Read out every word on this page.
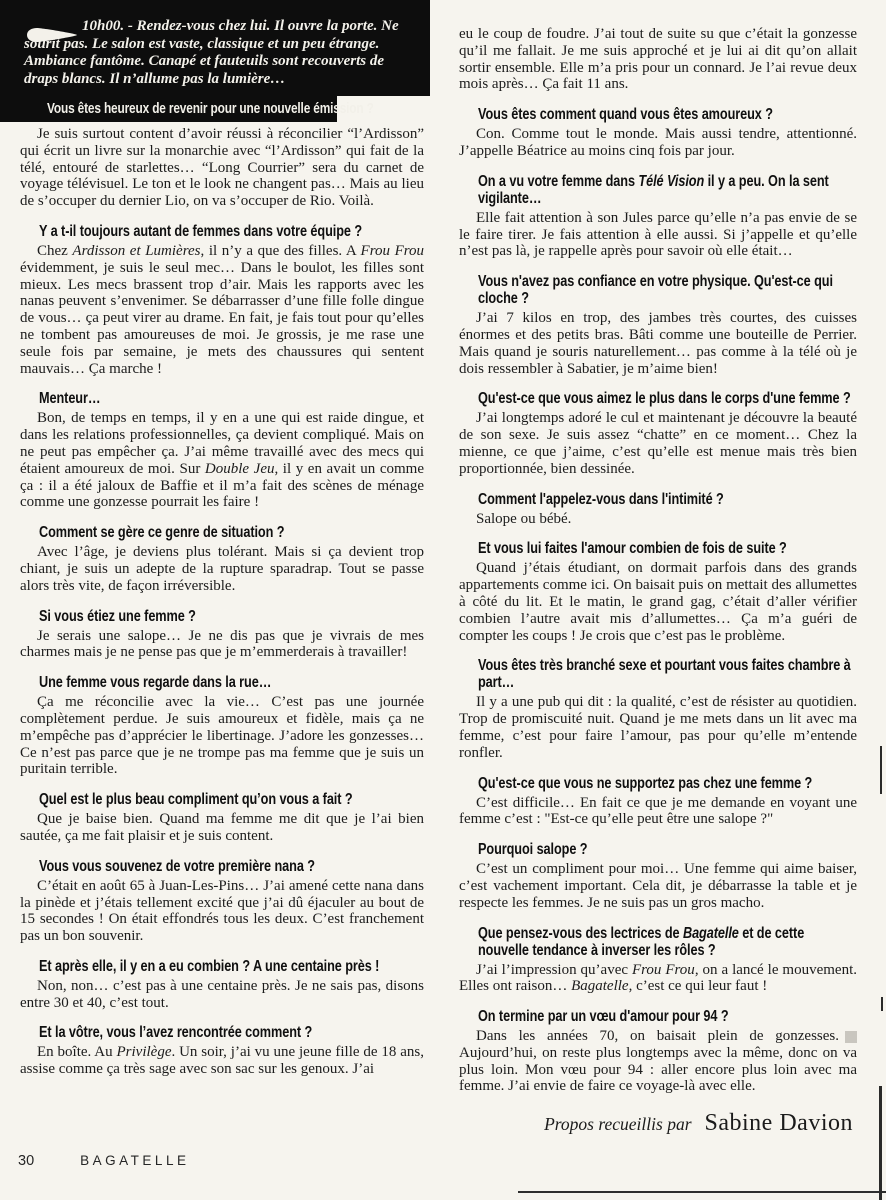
10h00. - Rendez-vous chez lui. Il ouvre la porte. Ne sourit pas. Le salon est vaste, classique et un peu étrange. Ambiance fantôme. Canapé et fauteuils sont recouverts de draps blancs. Il n’allume pas la lumière…

Vous êtes heureux de revenir pour une nouvelle émission ?

Je suis surtout content d’avoir réussi à réconcilier “l’Ardisson” qui écrit un livre sur la monarchie avec “l’Ardisson” qui fait de la télé, entouré de starlettes… “Long Courrier” sera du carnet de voyage télévisuel. Le ton et le look ne changent pas… Mais au lieu de s’occuper du dernier Lio, on va s’occuper de Rio. Voilà.

Y a t-il toujours autant de femmes dans votre équipe ?

Chez Ardisson et Lumières, il n’y a que des filles. A Frou Frou évidemment, je suis le seul mec… Dans le boulot, les filles sont mieux. Les mecs brassent trop d’air. Mais les rapports avec les nanas peuvent s’envenimer. Se débarrasser d’une fille folle dingue de vous… ça peut virer au drame. En fait, je fais tout pour qu’elles ne tombent pas amoureuses de moi. Je grossis, je me rase une seule fois par semaine, je mets des chaussures qui sentent mauvais… Ça marche !

Menteur…

Bon, de temps en temps, il y en a une qui est raide dingue, et dans les relations professionnelles, ça devient compliqué. Mais on ne peut pas empêcher ça. J’ai même travaillé avec des mecs qui étaient amoureux de moi. Sur Double Jeu, il y en avait un comme ça : il a été jaloux de Baffie et il m’a fait des scènes de ménage comme une gonzesse pourrait les faire !

Comment se gère ce genre de situation ?

Avec l’âge, je deviens plus tolérant. Mais si ça devient trop chiant, je suis un adepte de la rupture sparadrap. Tout se passe alors très vite, de façon irréversible.

Si vous étiez une femme ?

Je serais une salope… Je ne dis pas que je vivrais de mes charmes mais je ne pense pas que je m’emmerderais à travailler!

Une femme vous regarde dans la rue…

Ça me réconcilie avec la vie… C’est pas une journée complètement perdue. Je suis amoureux et fidèle, mais ça ne m’empêche pas d’apprécier le libertinage. J’adore les gonzesses… Ce n’est pas parce que je ne trompe pas ma femme que je suis un puritain terrible.

Quel est le plus beau compliment qu’on vous a fait ?

Que je baise bien. Quand ma femme me dit que je l’ai bien sautée, ça me fait plaisir et je suis content.

Vous vous souvenez de votre première nana ?

C’était en août 65 à Juan-Les-Pins… J’ai amené cette nana dans la pinède et j’étais tellement excité que j’ai dû éjaculer au bout de 15 secondes ! On était effondrés tous les deux. C’est franchement pas un bon souvenir.

Et après elle, il y en a eu combien ? A une centaine près !

Non, non… c’est pas à une centaine près. Je ne sais pas, disons entre 30 et 40, c’est tout.

Et la vôtre, vous l’avez rencontrée comment ?

En boîte. Au Privilège. Un soir, j’ai vu une jeune fille de 18 ans, assise comme ça très sage avec son sac sur les genoux. J’ai

eu le coup de foudre. J’ai tout de suite su que c’était la gonzesse qu’il me fallait. Je me suis approché et je lui ai dit qu’on allait sortir ensemble. Elle m’a pris pour un connard. Je l’ai revue deux mois après… Ça fait 11 ans.

Vous êtes comment quand vous êtes amoureux ?

Con. Comme tout le monde. Mais aussi tendre, attentionné. J’appelle Béatrice au moins cinq fois par jour.

On a vu votre femme dans Télé Vision il y a peu. On la sent vigilante…

Elle fait attention à son Jules parce qu’elle n’a pas envie de se le faire tirer. Je fais attention à elle aussi. Si j’appelle et qu’elle n’est pas là, je rappelle après pour savoir où elle était…

Vous n'avez pas confiance en votre physique. Qu'est-ce qui cloche ?

J’ai 7 kilos en trop, des jambes très courtes, des cuisses énormes et des petits bras. Bâti comme une bouteille de Perrier. Mais quand je souris naturellement… pas comme à la télé où je dois ressembler à Sabatier, je m’aime bien!

Qu'est-ce que vous aimez le plus dans le corps d'une femme ?

J’ai longtemps adoré le cul et maintenant je découvre la beauté de son sexe. Je suis assez “chatte” en ce moment… Chez la mienne, ce que j’aime, c’est qu’elle est menue mais très bien proportionnée, bien dessinée.

Comment l'appelez-vous dans l'intimité ?

Salope ou bébé.

Et vous lui faites l'amour combien de fois de suite ?

Quand j’étais étudiant, on dormait parfois dans des grands appartements comme ici. On baisait puis on mettait des allumettes à côté du lit. Et le matin, le grand gag, c’était d’aller vérifier combien l’autre avait mis d’allumettes… Ça m’a guéri de compter les coups ! Je crois que c’est pas le problème.

Vous êtes très branché sexe et pourtant vous faites chambre à part…

Il y a une pub qui dit : la qualité, c’est de résister au quotidien. Trop de promiscuité nuit. Quand je me mets dans un lit avec ma femme, c’est pour faire l’amour, pas pour qu’elle m’entende ronfler.

Qu'est-ce que vous ne supportez pas chez une femme ?

C’est difficile… En fait ce que je me demande en voyant une femme c’est : "Est-ce qu’elle peut être une salope ?"

Pourquoi salope ?

C’est un compliment pour moi… Une femme qui aime baiser, c’est vachement important. Cela dit, je débarrasse la table et je respecte les femmes. Je ne suis pas un gros macho.

Que pensez-vous des lectrices de Bagatelle et de cette nouvelle tendance à inverser les rôles ?

J’ai l’impression qu’avec Frou Frou, on a lancé le mouvement. Elles ont raison… Bagatelle, c’est ce qui leur faut !

On termine par un vœu d'amour pour 94 ?

Dans les années 70, on baisait plein de gonzesses. Aujourd’hui, on reste plus longtemps avec la même, donc on va plus loin. Mon vœu pour 94 : aller encore plus loin avec ma femme. J’ai envie de faire ce voyage-là avec elle.

Propos recueillis par Sabine Davion
30	BAGATELLE
